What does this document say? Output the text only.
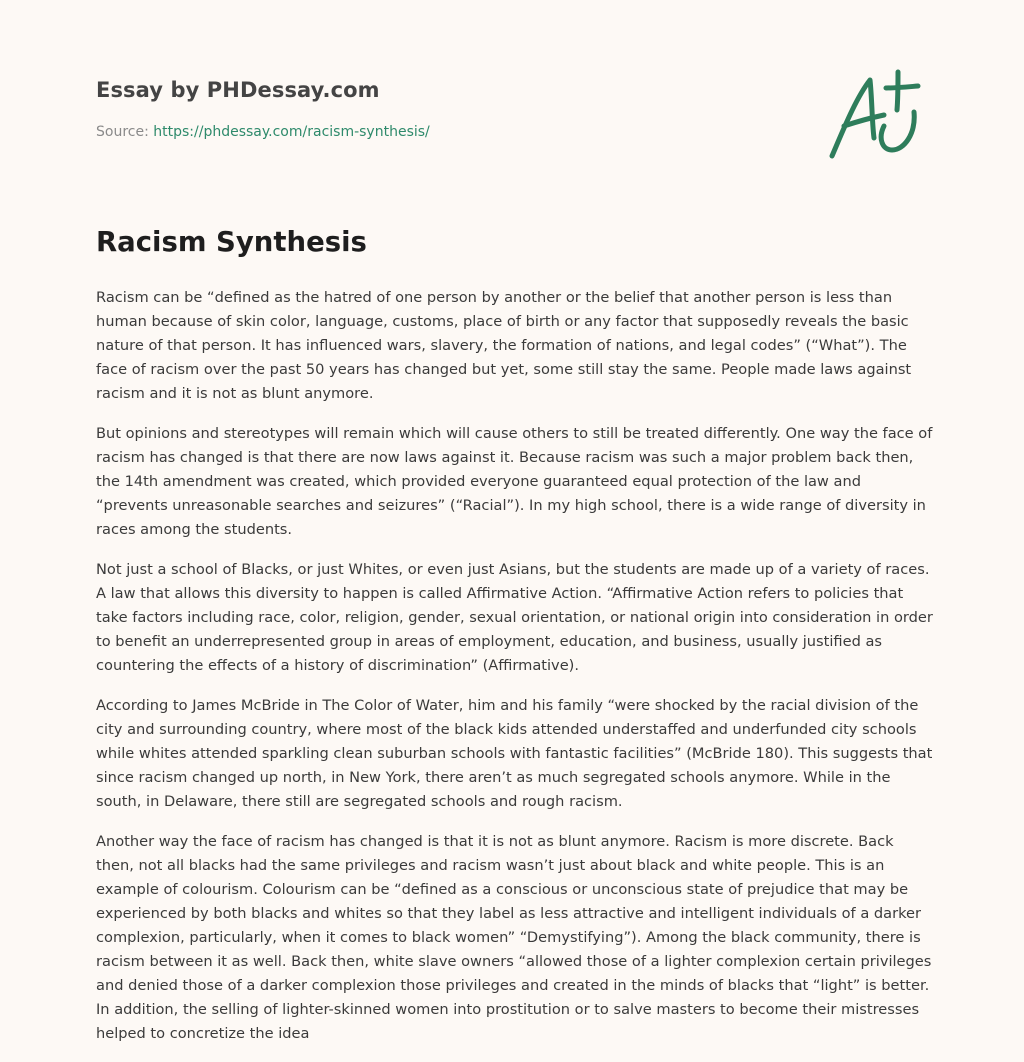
Essay by PHDessay.com
Source: https://phdessay.com/racism-synthesis/
Racism Synthesis

Racism can be “defined as the hatred of one person by another or the belief that another person is less than human because of skin color, language, customs, place of birth or any factor that supposedly reveals the basic nature of that person. It has influenced wars, slavery, the formation of nations, and legal codes” (“What”). The face of racism over the past 50 years has changed but yet, some still stay the same. People made laws against racism and it is not as blunt anymore.

But opinions and stereotypes will remain which will cause others to still be treated differently. One way the face of racism has changed is that there are now laws against it. Because racism was such a major problem back then, the 14th amendment was created, which provided everyone guaranteed equal protection of the law and “prevents unreasonable searches and seizures” (“Racial”). In my high school, there is a wide range of diversity in races among the students.

Not just a school of Blacks, or just Whites, or even just Asians, but the students are made up of a variety of races. A law that allows this diversity to happen is called Affirmative Action. “Affirmative Action refers to policies that take factors including race, color, religion, gender, sexual orientation, or national origin into consideration in order to benefit an underrepresented group in areas of employment, education, and business, usually justified as countering the effects of a history of discrimination” (Affirmative).

According to James McBride in The Color of Water, him and his family “were shocked by the racial division of the city and surrounding country, where most of the black kids attended understaffed and underfunded city schools while whites attended sparkling clean suburban schools with fantastic facilities” (McBride 180). This suggests that since racism changed up north, in New York, there aren’t as much segregated schools anymore. While in the south, in Delaware, there still are segregated schools and rough racism.

Another way the face of racism has changed is that it is not as blunt anymore. Racism is more discrete. Back then, not all blacks had the same privileges and racism wasn’t just about black and white people. This is an example of colourism. Colourism can be “defined as a conscious or unconscious state of prejudice that may be experienced by both blacks and whites so that they label as less attractive and intelligent individuals of a darker complexion, particularly, when it comes to black women” “Demystifying”). Among the black community, there is racism between it as well. Back then, white slave owners “allowed those of a lighter complexion certain privileges and denied those of a darker complexion those privileges and created in the minds of blacks that “light” is better. In addition, the selling of lighter-skinned women into prostitution or to salve masters to become their mistresses helped to concretize the idea
